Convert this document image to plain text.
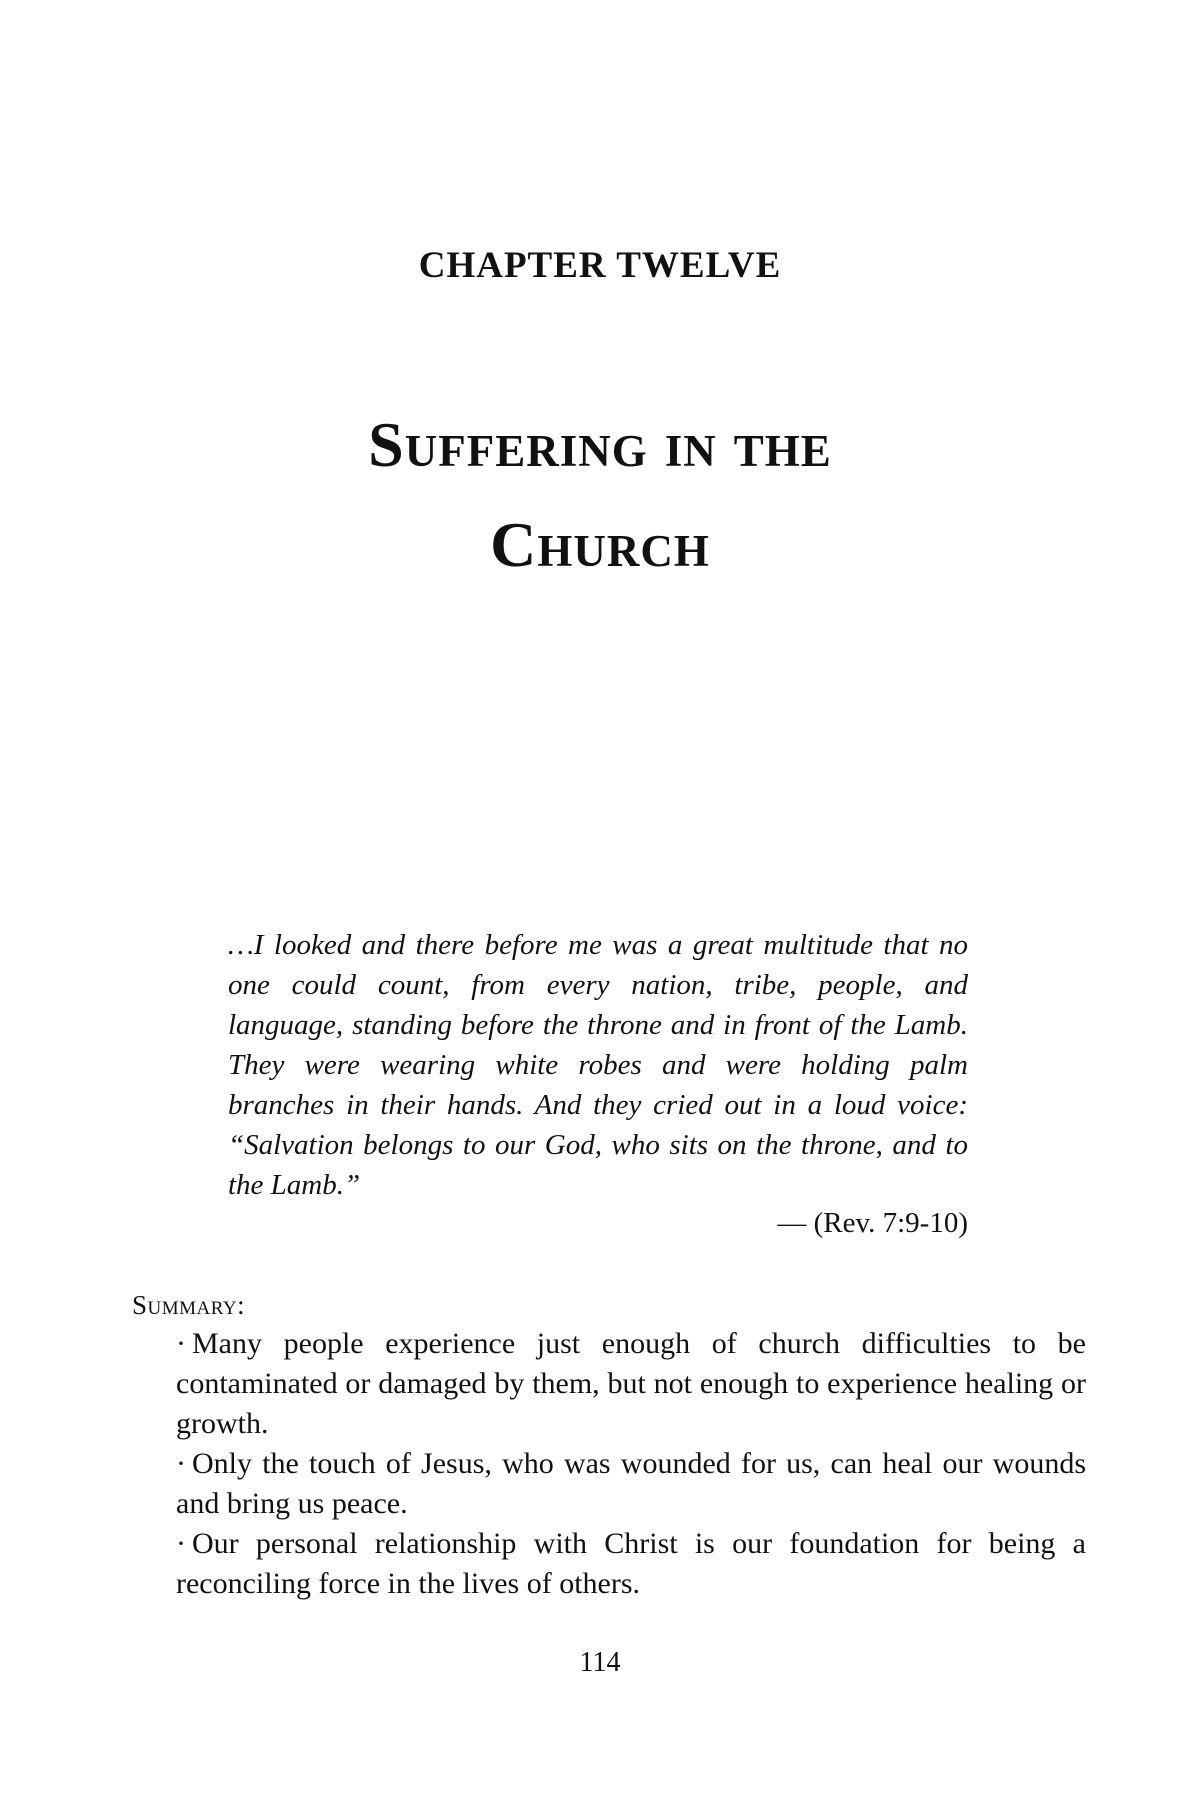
CHAPTER TWELVE
Suffering in the
Church
…I looked and there before me was a great multitude that no one could count, from every nation, tribe, people, and language, standing before the throne and in front of the Lamb. They were wearing white robes and were holding palm branches in their hands. And they cried out in a loud voice: “Salvation belongs to our God, who sits on the throne, and to the Lamb.”
— (Rev. 7:9-10)
Summary:
· Many people experience just enough of church difficulties to be contaminated or damaged by them, but not enough to experience healing or growth.
· Only the touch of Jesus, who was wounded for us, can heal our wounds and bring us peace.
· Our personal relationship with Christ is our foundation for being a reconciling force in the lives of others.
114
